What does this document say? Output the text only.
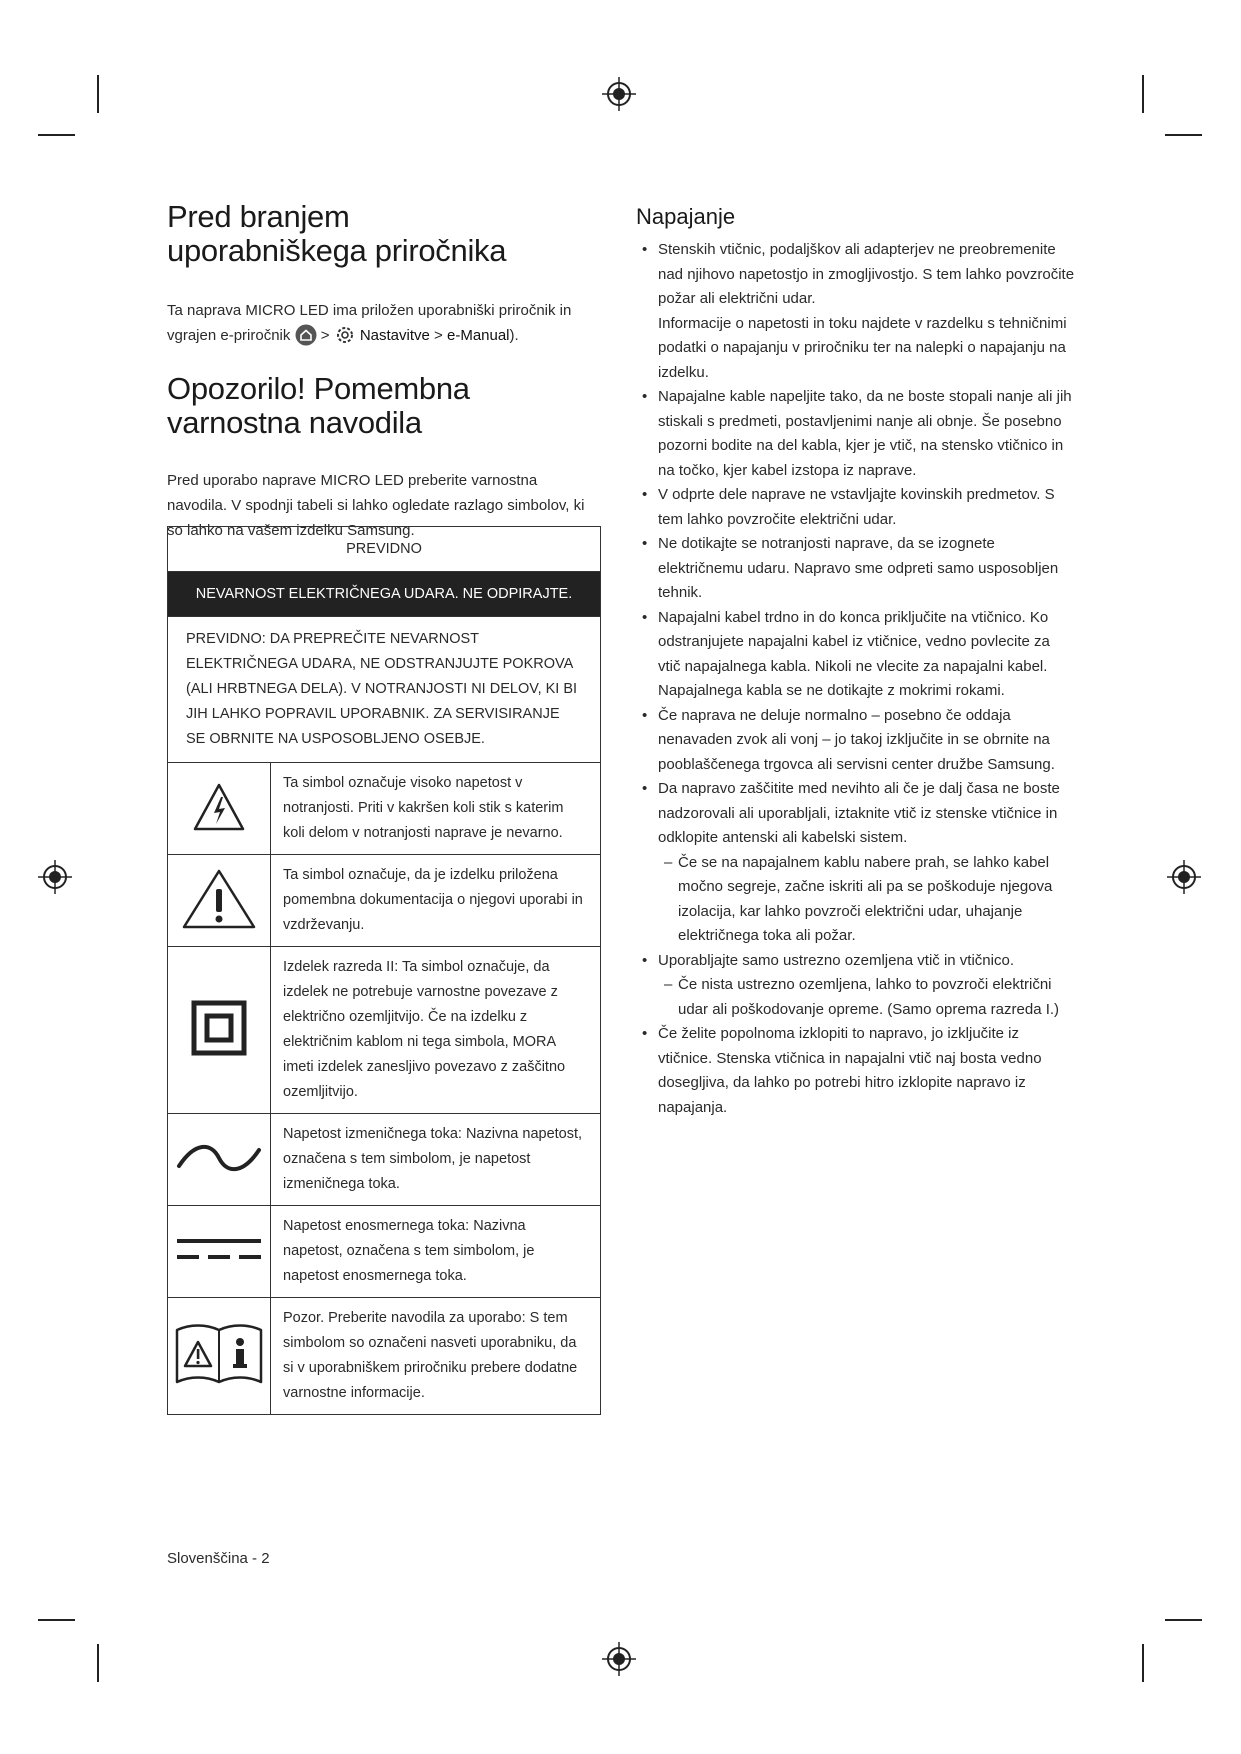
Pred branjem uporabniškega priročnika

Ta naprava MICRO LED ima priložen uporabniški priročnik in vgrajen e-priročnik > Nastavitve > e-Manual).

Opozorilo! Pomembna varnostna navodila

Pred uporabo naprave MICRO LED preberite varnostna navodila. V spodnji tabeli si lahko ogledate razlago simbolov, ki so lahko na vašem izdelku Samsung.

PREVIDNO	
NEVARNOST ELEKTRIČNEGA UDARA. NE ODPIRAJTE.	
PREVIDNO: DA PREPREČITE NEVARNOST ELEKTRIČNEGA UDARA, NE ODSTRANJUJTE POKROVA (ALI HRBTNEGA DELA). V NOTRANJOSTI NI DELOV, KI BI JIH LAHKO POPRAVIL UPORABNIK. ZA SERVISIRANJE SE OBRNITE NA USPOSOBLJENO OSEBJE.	
	Ta simbol označuje visoko napetost v notranjosti. Priti v kakršen koli stik s katerim koli delom v notranjosti naprave je nevarno.
	Ta simbol označuje, da je izdelku priložena pomembna dokumentacija o njegovi uporabi in vzdrževanju.
	Izdelek razreda II: Ta simbol označuje, da izdelek ne potrebuje varnostne povezave z električno ozemljitvijo. Če na izdelku z električnim kablom ni tega simbola, MORA imeti izdelek zanesljivo povezavo z zaščitno ozemljitvijo.
	Napetost izmeničnega toka: Nazivna napetost, označena s tem simbolom, je napetost izmeničnega toka.
	Napetost enosmernega toka: Nazivna napetost, označena s tem simbolom, je napetost enosmernega toka.
	Pozor. Preberite navodila za uporabo: S tem simbolom so označeni nasveti uporabniku, da si v uporabniškem priročniku prebere dodatne varnostne informacije.
Napajanje
• Stenskih vtičnic, podaljškov ali adapterjev ne preobremenite nad njihovo napetostjo in zmogljivostjo. S tem lahko povzročite požar ali električni udar.
Informacije o napetosti in toku najdete v razdelku s tehničnimi podatki o napajanju v priročniku ter na nalepki o napajanju na izdelku.
• Napajalne kable napeljite tako, da ne boste stopali nanje ali jih stiskali s predmeti, postavljenimi nanje ali obnje. Še posebno pozorni bodite na del kabla, kjer je vtič, na stensko vtičnico in na točko, kjer kabel izstopa iz naprave.
• V odprte dele naprave ne vstavljajte kovinskih predmetov. S tem lahko povzročite električni udar.
• Ne dotikajte se notranjosti naprave, da se izognete električnemu udaru. Napravo sme odpreti samo usposobljen tehnik.
• Napajalni kabel trdno in do konca priključite na vtičnico. Ko odstranjujete napajalni kabel iz vtičnice, vedno povlecite za vtič napajalnega kabla. Nikoli ne vlecite za napajalni kabel. Napajalnega kabla se ne dotikajte z mokrimi rokami.
• Če naprava ne deluje normalno – posebno če oddaja nenavaden zvok ali vonj – jo takoj izključite in se obrnite na pooblaščenega trgovca ali servisni center družbe Samsung.
• Da napravo zaščitite med nevihto ali če je dalj časa ne boste nadzorovali ali uporabljali, iztaknite vtič iz stenske vtičnice in odklopite antenski ali kabelski sistem.
– Če se na napajalnem kablu nabere prah, se lahko kabel močno segreje, začne iskriti ali pa se poškoduje njegova izolacija, kar lahko povzroči električni udar, uhajanje električnega toka ali požar.
• Uporabljajte samo ustrezno ozemljena vtič in vtičnico.
– Če nista ustrezno ozemljena, lahko to povzroči električni udar ali poškodovanje opreme. (Samo oprema razreda I.)
• Če želite popolnoma izklopiti to napravo, jo izključite iz vtičnice. Stenska vtičnica in napajalni vtič naj bosta vedno dosegljiva, da lahko po potrebi hitro izklopite napravo iz napajanja.
Slovenščina - 2
